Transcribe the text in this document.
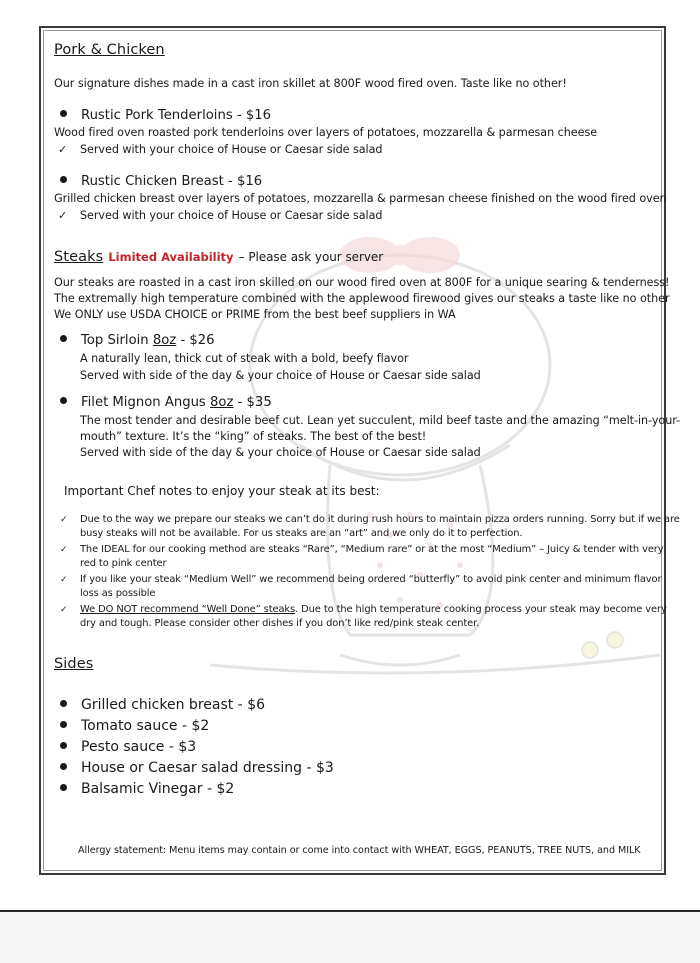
Pork & Chicken
Our signature dishes made in a cast iron skillet at 800F wood fired oven. Taste like no other!
Rustic Pork Tenderloins - $16
Wood fired oven roasted pork tenderloins over layers of potatoes, mozzarella & parmesan cheese
✓ Served with your choice of House or Caesar side salad
Rustic Chicken Breast - $16
Grilled chicken breast over layers of potatoes, mozzarella & parmesan cheese finished on the wood fired oven
✓ Served with your choice of House or Caesar side salad
Steaks Limited Availability – Please ask your server
Our steaks are roasted in a cast iron skilled on our wood fired oven at 800F for a unique searing & tenderness!
The extremally high temperature combined with the applewood firewood gives our steaks a taste like no other
We ONLY use USDA CHOICE or PRIME from the best beef suppliers in WA
Top Sirloin 8oz - $26
A naturally lean, thick cut of steak with a bold, beefy flavor
Served with side of the day & your choice of House or Caesar side salad
Filet Mignon Angus 8oz - $35
The most tender and desirable beef cut. Lean yet succulent, mild beef taste and the amazing “melt-in-your-
mouth” texture. It’s the “king” of steaks. The best of the best!
Served with side of the day & your choice of House or Caesar side salad
Important Chef notes to enjoy your steak at its best:
✓ Due to the way we prepare our steaks we can’t do it during rush hours to maintain pizza orders running. Sorry but if we are
busy steaks will not be available. For us steaks are an “art” and we only do it to perfection.
✓ The IDEAL for our cooking method are steaks “Rare”, “Medium rare” or at the most “Medium” – Juicy & tender with very
red to pink center
✓ If you like your steak “Medium Well” we recommend being ordered “butterfly” to avoid pink center and minimum flavor
loss as possible
✓ We DO NOT recommend “Well Done” steaks. Due to the high temperature cooking process your steak may become very
dry and tough. Please consider other dishes if you don’t like red/pink steak center.
Sides
Grilled chicken breast - $6
Tomato sauce - $2
Pesto sauce - $3
House or Caesar salad dressing - $3
Balsamic Vinegar - $2
Allergy statement: Menu items may contain or come into contact with WHEAT, EGGS, PEANUTS, TREE NUTS, and MILK
